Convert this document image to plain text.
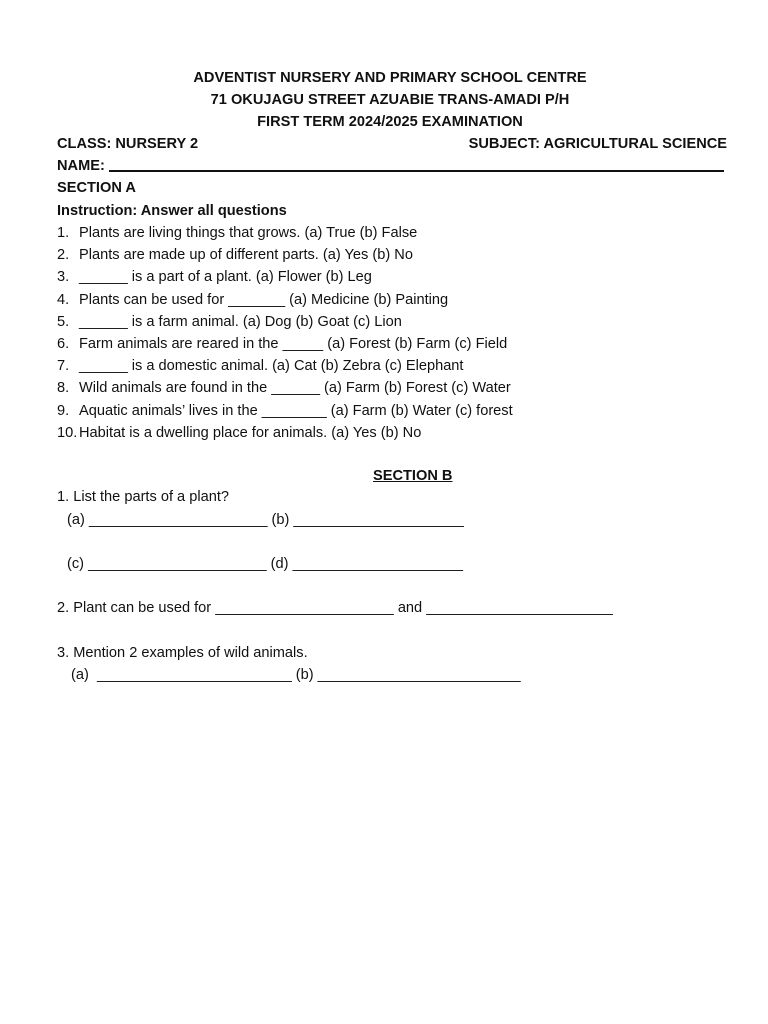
ADVENTIST NURSERY AND PRIMARY SCHOOL CENTRE
71 OKUJAGU STREET AZUABIE TRANS-AMADI P/H
FIRST TERM 2024/2025 EXAMINATION
CLASS: NURSERY 2	SUBJECT: AGRICULTURAL SCIENCE
NAME:
SECTION A
Instruction: Answer all questions
1. Plants are living things that grows. (a) True (b) False
2. Plants are made up of different parts. (a) Yes (b) No
3. ______ is a part of a plant. (a) Flower (b) Leg
4. Plants can be used for _______ (a) Medicine (b) Painting
5. ______ is a farm animal. (a) Dog (b) Goat (c) Lion
6. Farm animals are reared in the _____ (a) Forest (b) Farm (c) Field
7. ______ is a domestic animal. (a) Cat (b) Zebra (c) Elephant
8. Wild animals are found in the ______ (a) Farm (b) Forest (c) Water
9. Aquatic animals’ lives in the ________ (a) Farm (b) Water (c) forest
10. Habitat is a dwelling place for animals. (a) Yes (b) No
SECTION B
1. List the parts of a plant?
(a) ______________________ (b) _____________________
(c) ______________________ (d) _____________________
2. Plant can be used for ______________________ and _______________________
3. Mention 2 examples of wild animals.
(a)  ________________________ (b) _________________________
